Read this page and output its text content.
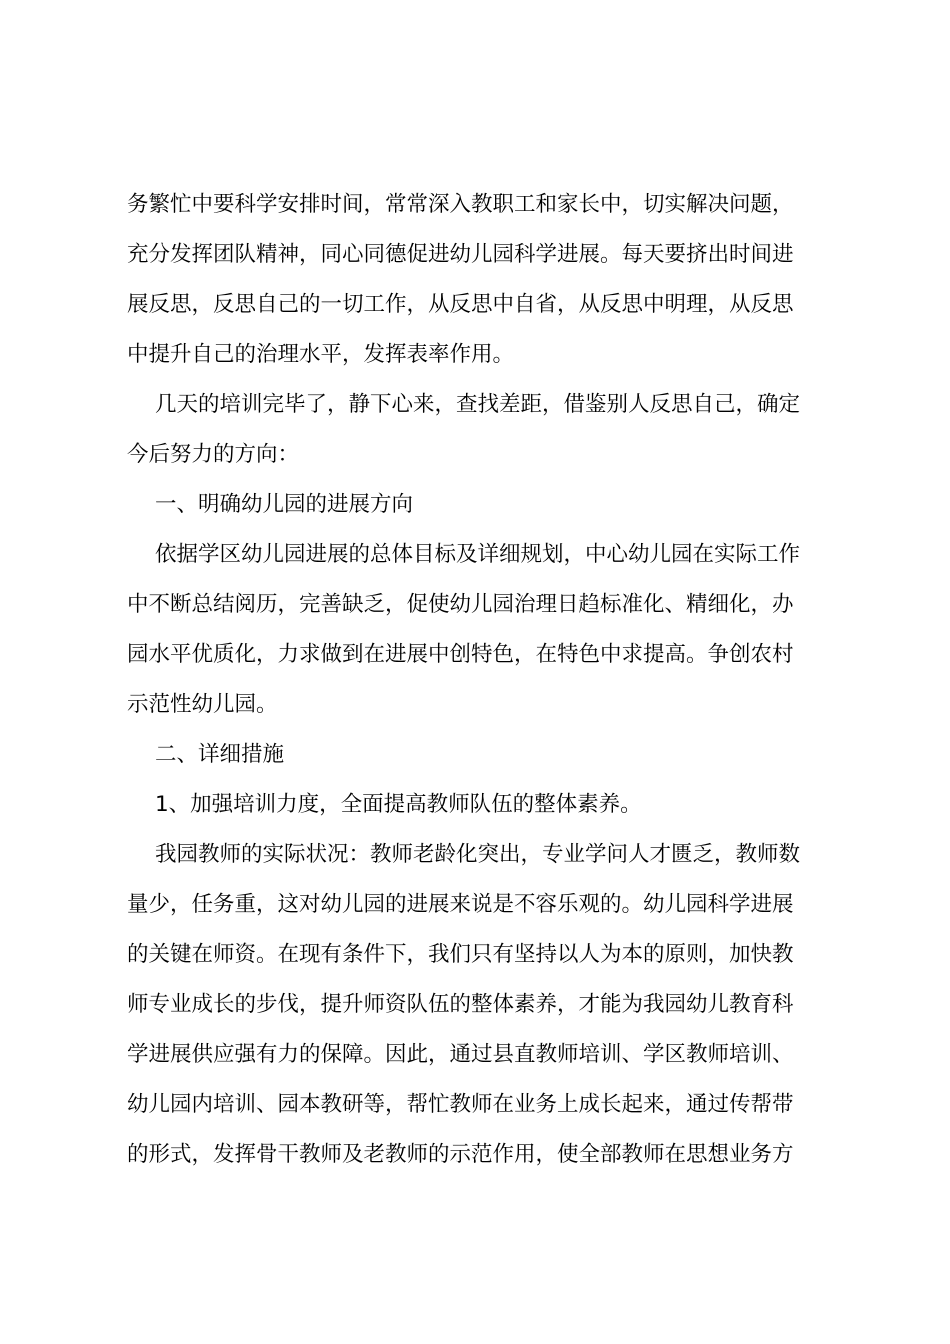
务繁忙中要科学安排时间，常常深入教职工和家长中，切实解决问题，
充分发挥团队精神，同心同德促进幼儿园科学进展。每天要挤出时间进
展反思，反思自己的一切工作，从反思中自省，从反思中明理，从反思
中提升自己的治理水平，发挥表率作用。
几天的培训完毕了，静下心来，查找差距，借鉴别人反思自己，确定
今后努力的方向：
一、明确幼儿园的进展方向
依据学区幼儿园进展的总体目标及详细规划，中心幼儿园在实际工作
中不断总结阅历，完善缺乏，促使幼儿园治理日趋标准化、精细化，办
园水平优质化，力求做到在进展中创特色，在特色中求提高。争创农村
示范性幼儿园。
二、详细措施
1、加强培训力度，全面提高教师队伍的整体素养。
我园教师的实际状况：教师老龄化突出，专业学问人才匮乏，教师数
量少，任务重，这对幼儿园的进展来说是不容乐观的。幼儿园科学进展
的关键在师资。在现有条件下，我们只有坚持以人为本的原则，加快教
师专业成长的步伐，提升师资队伍的整体素养，才能为我园幼儿教育科
学进展供应强有力的保障。因此，通过县直教师培训、学区教师培训、
幼儿园内培训、园本教研等，帮忙教师在业务上成长起来，通过传帮带
的形式，发挥骨干教师及老教师的示范作用，使全部教师在思想业务方
